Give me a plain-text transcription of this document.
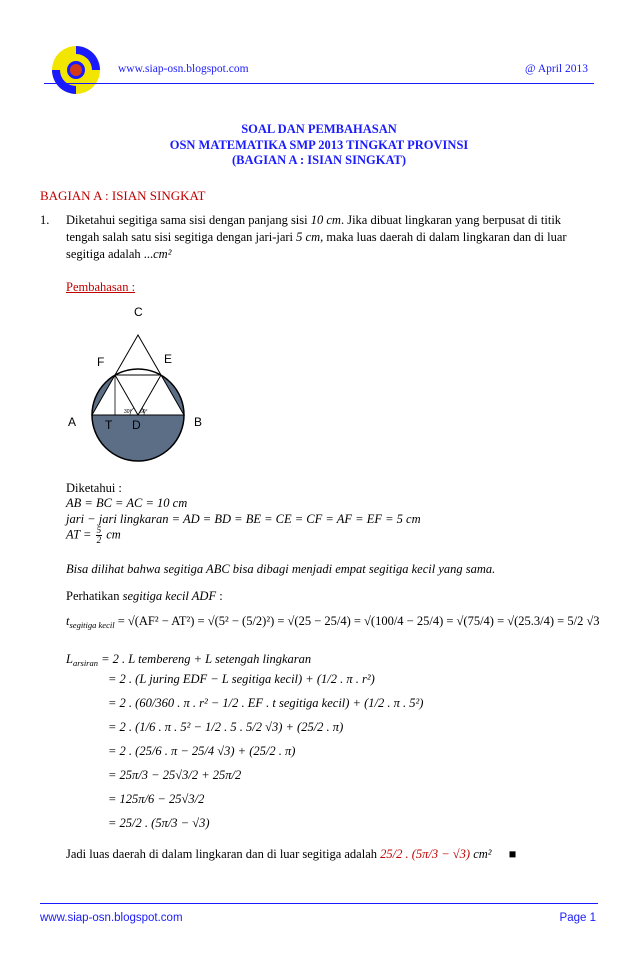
www.siap-osn.blogspot.com	@ April 2013
SOAL DAN PEMBAHASAN
OSN MATEMATIKA SMP 2013 TINGKAT PROVINSI
(BAGIAN A : ISIAN SINGKAT)
BAGIAN A : ISIAN SINGKAT
1. Diketahui segitiga sama sisi dengan panjang sisi 10 cm. Jika dibuat lingkaran yang berpusat di titik
tengah salah satu sisi segitiga dengan jari-jari 5 cm, maka luas daerah di dalam lingkaran dan di luar
segitiga adalah ...cm²
Pembahasan :
C
F	E
A T D	B
30° 60°
Diketahui :
AB = BC = AC = 10 cm
jari − jari lingkaran = AD = BD = BE = CE = CF = AF = EF = 5 cm
AT = $\frac{5}{2}$ cm
Bisa dilihat bahwa segitiga ABC bisa dibagi menjadi empat segitiga kecil yang sama.
Perhatikan segitiga kecil ADF :
$t_{segitiga kecil} = √(AF^2 - AT^2) = √(5^2 - (5/2)^2) = √(25 - 25/4) = √(100/4 - 25/4) = √(75/4) = √(25.3/4) = 5/2$ √3
$L_{arsiran} = 2$ . L tembereng + L setengah lingkaran
= 2 . (L juring EDF − L segitiga kecil) + (1/2 . π . r²)
= 2 . (60/360 . π . r² − 1/2 . EF . t segitiga kecil) + (1/2 . π . 5²)
= 2 . (1/6 . π . 5² − 1/2 . 5 . 5/2 √3) + (25/2 . π)
= 2 . (25/6 . π − 25/4 √3) + (25/2 . π)
= 25π/3 − 25√3/2 + 25π/2
= 125π/6 − 25√3/2
= 25/2 . (5π/3 − √3)
Jadi luas daerah di dalam lingkaran dan di luar segitiga adalah 25/2 . (5π/3 − √3) cm² ■
www.siap-osn.blogspot.com	Page 1
